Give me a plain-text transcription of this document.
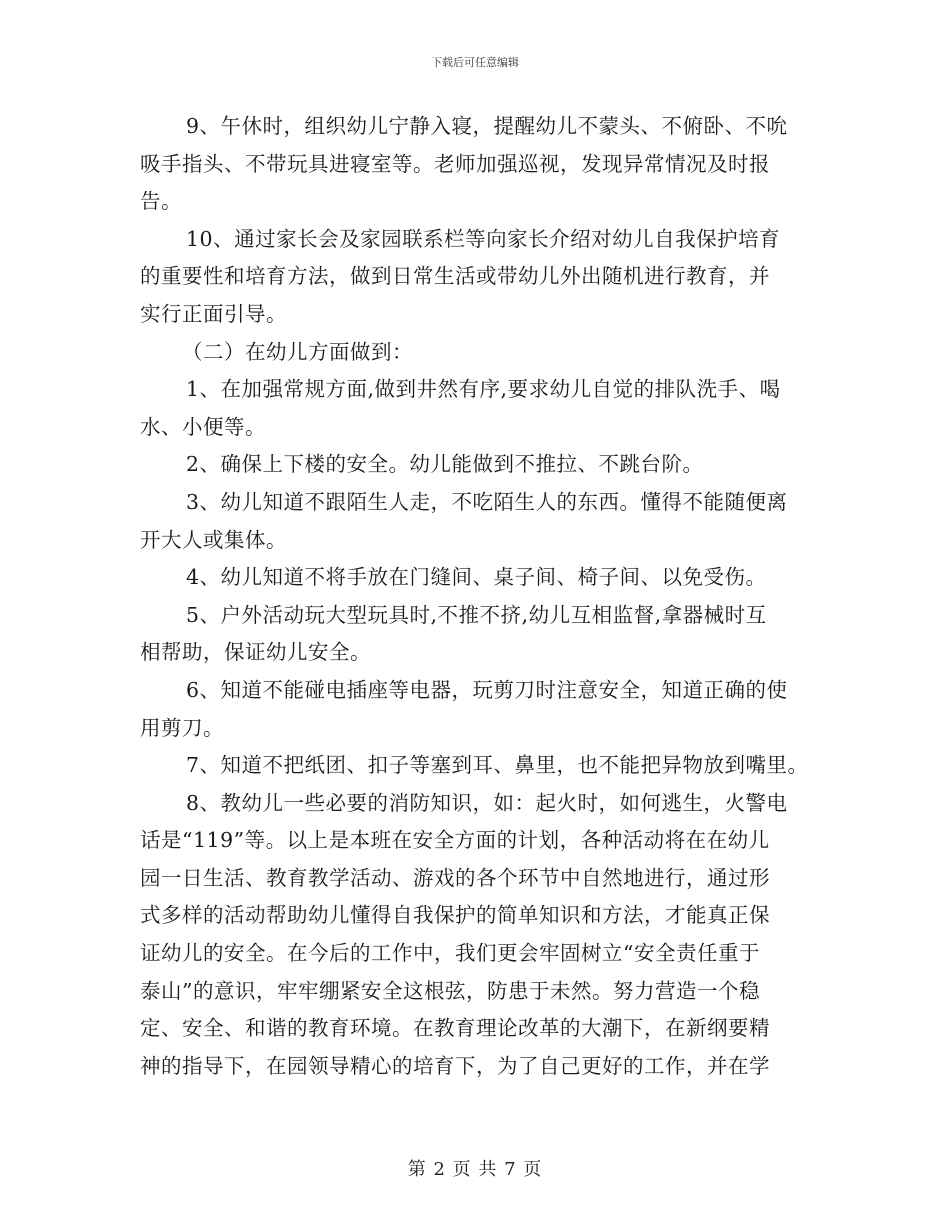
下载后可任意编辑
9、午休时，组织幼儿宁静入寝，提醒幼儿不蒙头、不俯卧、不吮
吸手指头、不带玩具进寝室等。老师加强巡视，发现异常情况及时报
告。
10、通过家长会及家园联系栏等向家长介绍对幼儿自我保护培育
的重要性和培育方法，做到日常生活或带幼儿外出随机进行教育，并
实行正面引导。
（二）在幼儿方面做到：
1、在加强常规方面,做到井然有序,要求幼儿自觉的排队洗手、喝
水、小便等。
2、确保上下楼的安全。幼儿能做到不推拉、不跳台阶。
3、幼儿知道不跟陌生人走，不吃陌生人的东西。懂得不能随便离
开大人或集体。
4、幼儿知道不将手放在门缝间、桌子间、椅子间、以免受伤。
5、户外活动玩大型玩具时,不推不挤,幼儿互相监督,拿器械时互
相帮助，保证幼儿安全。
6、知道不能碰电插座等电器，玩剪刀时注意安全，知道正确的使
用剪刀。
7、知道不把纸团、扣子等塞到耳、鼻里，也不能把异物放到嘴里。
8、教幼儿一些必要的消防知识，如：起火时，如何逃生，火警电
话是“119”等。以上是本班在安全方面的计划，各种活动将在在幼儿
园一日生活、教育教学活动、游戏的各个环节中自然地进行，通过形
式多样的活动帮助幼儿懂得自我保护的简单知识和方法，才能真正保
证幼儿的安全。在今后的工作中，我们更会牢固树立“安全责任重于
泰山”的意识，牢牢绷紧安全这根弦，防患于未然。努力营造一个稳
定、安全、和谐的教育环境。在教育理论改革的大潮下，在新纲要精
神的指导下，在园领导精心的培育下，为了自己更好的工作，并在学
第 2 页 共 7 页
